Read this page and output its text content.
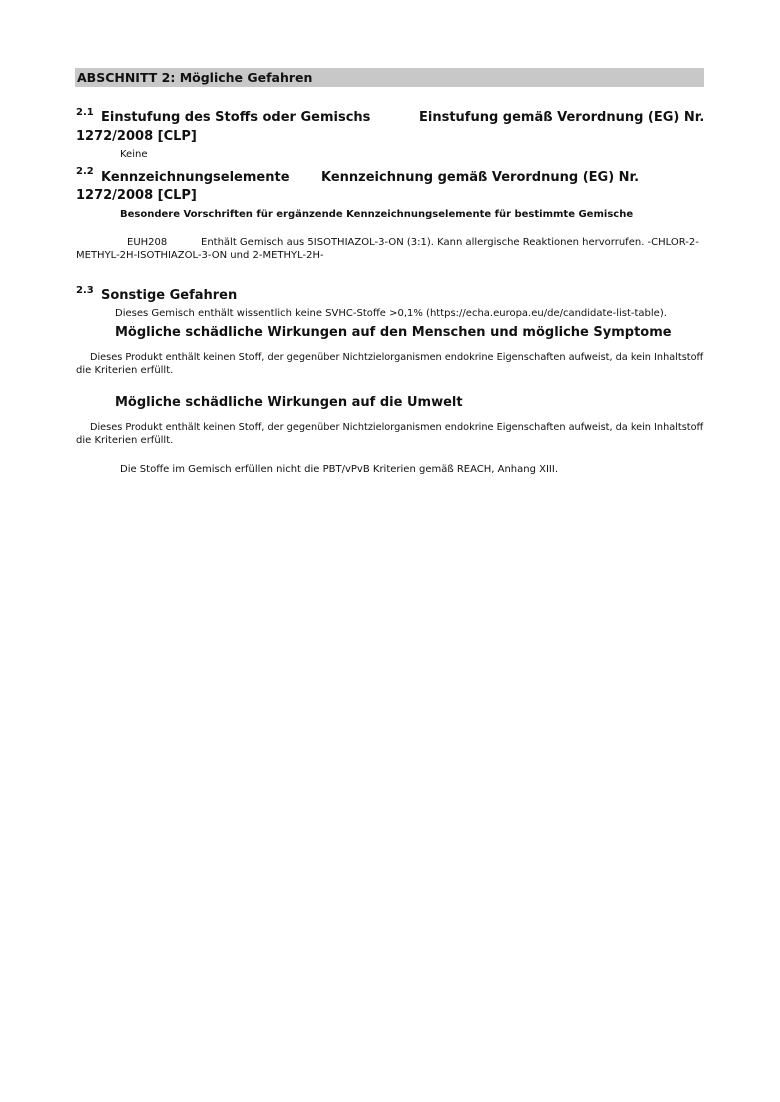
ABSCHNITT 2: Mögliche Gefahren
2.1 Einstufung des Stoffs oder Gemischs	Einstufung gemäß Verordnung (EG) Nr.
1272/2008 [CLP]
Keine
2.2 Kennzeichnungselemente Kennzeichnung gemäß Verordnung (EG) Nr.
1272/2008 [CLP]
Besondere Vorschriften für ergänzende Kennzeichnungselemente für bestimmte Gemische
EUH208	Enthält Gemisch aus 5ISOTHIAZOL-3-ON (3:1). Kann allergische Reaktionen hervorrufen. -CHLOR-2-
METHYL-2H-ISOTHIAZOL-3-ON und 2-METHYL-2H-
2.3 Sonstige Gefahren
Dieses Gemisch enthält wissentlich keine SVHC-Stoffe >0,1% (https://echa.europa.eu/de/candidate-list-table).
Mögliche schädliche Wirkungen auf den Menschen und mögliche Symptome
Dieses Produkt enthält keinen Stoff, der gegenüber Nichtzielorganismen endokrine Eigenschaften aufweist, da kein Inhaltstoff
die Kriterien erfüllt.
Mögliche schädliche Wirkungen auf die Umwelt
Dieses Produkt enthält keinen Stoff, der gegenüber Nichtzielorganismen endokrine Eigenschaften aufweist, da kein Inhaltstoff
die Kriterien erfüllt.
Die Stoffe im Gemisch erfüllen nicht die PBT/vPvB Kriterien gemäß REACH, Anhang XIII.
